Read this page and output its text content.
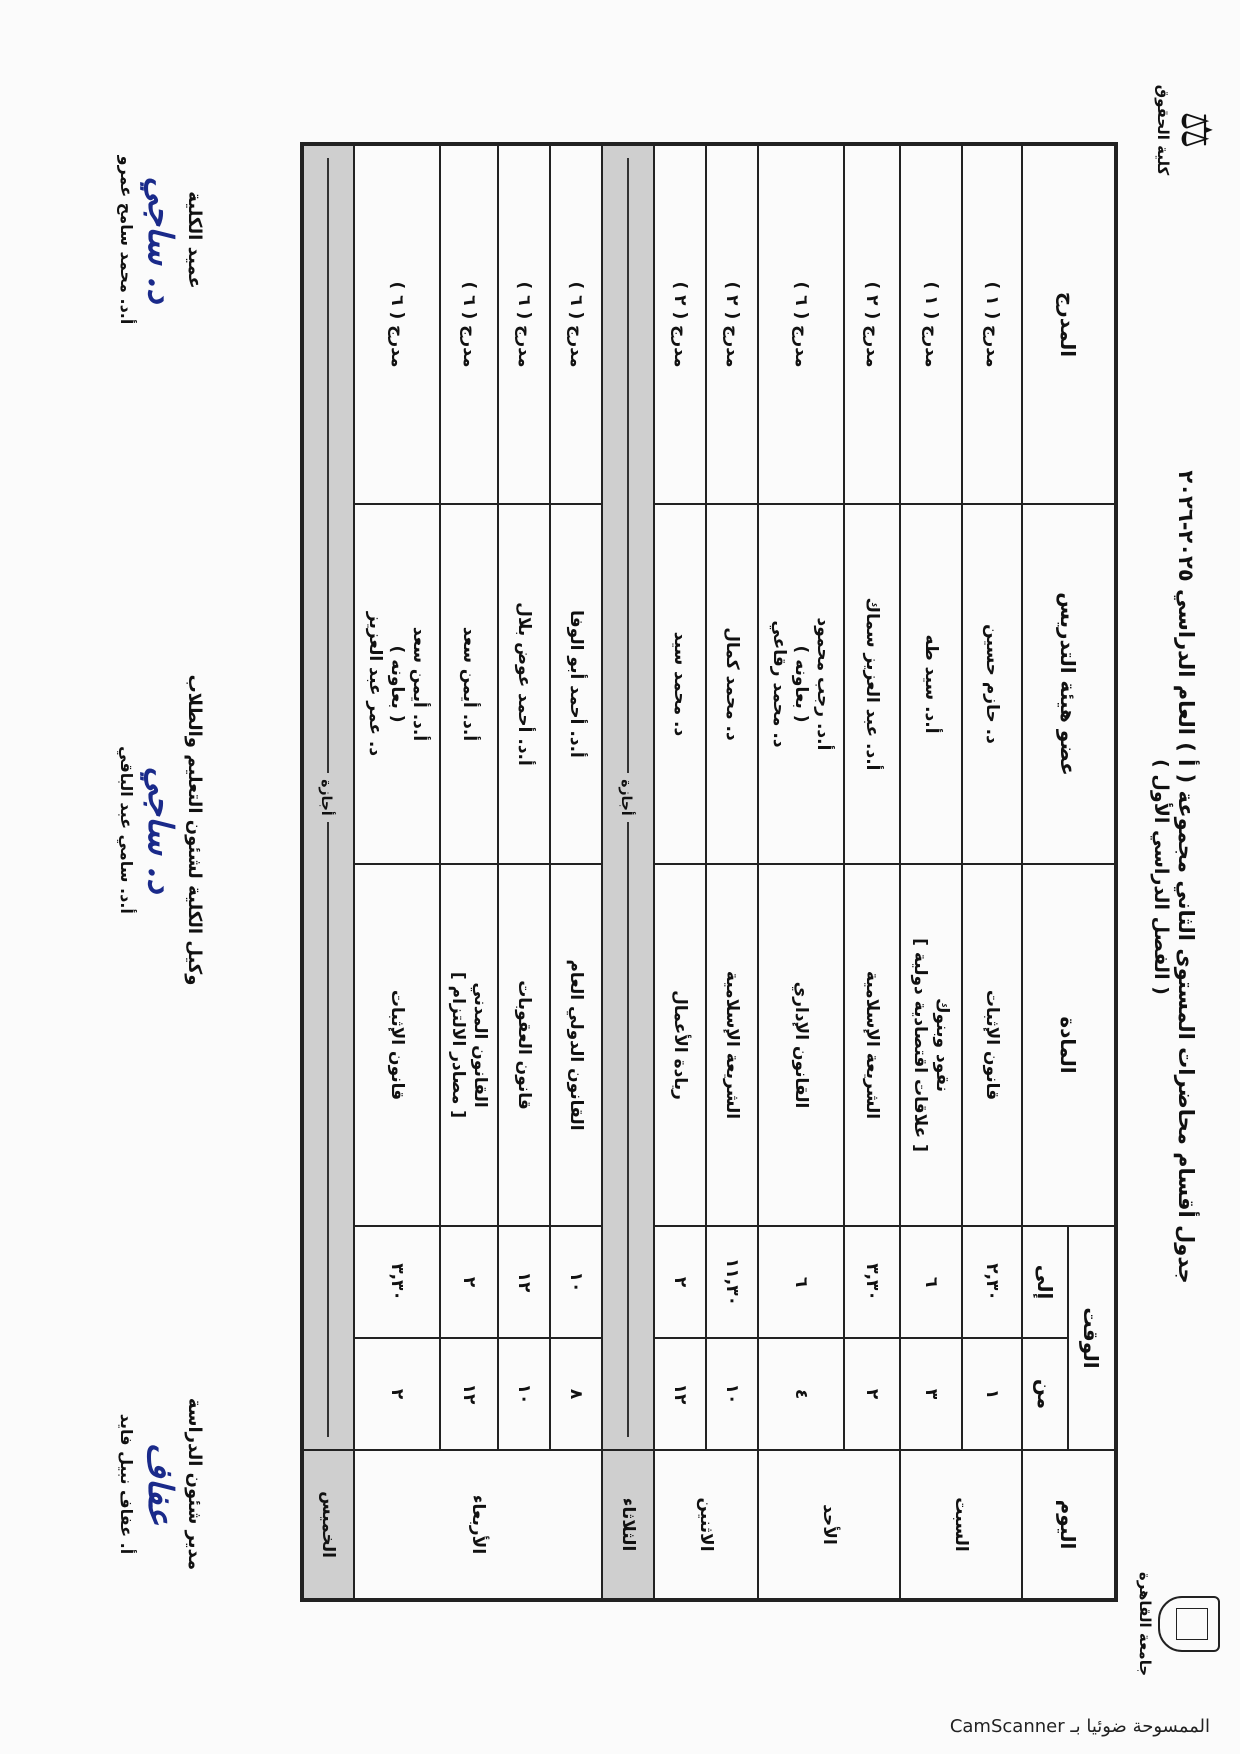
جامعة القاهرة
⚖
كلية الحقوق
جدول أقسام محاضرات المستوى الثاني مجموعة ( أ ) العام الدراسي ٢٠٢٥-٢٠٢٦
( الفصل الدراسي الأول )
اليوم	الوقت		المادة	عضو هيئة التدريس	المدرج
	من	إلى			
السبت	١	٢,٣٠	قانون الإثبات	د. حازم حسين	مدرج ( ١ )
	٣	٦	نقود وبنوك
[ علاقات اقتصادية دولية ]	أ.د. سيد طه	مدرج ( ١ )
الأحد	٢	٣,٣٠	الشريعة الإسلامية	أ.د. عبد العزيز سماك	مدرج ( ٢ )
	٤	٦	القانون الإداري	أ.د. رجب محمود
( بعاونه )
د. محمد رقاعي	مدرج ( ٦ )
الاثنين	١٠	١١,٣٠	الشريعة الإسلامية	د. محمد كمال	مدرج ( ٢ )
	١٢	٢	ريادة الأعمال	د. محمد سيد	مدرج ( ٢ )
الثلاثاء	أجازة				

الأربعاء	٨	١٠	القانون الدولي العام	أ.د. أحمد أبو الوفا	مدرج ( ٦ )
	١٠	١٢	قانون العقوبات	أ.د. أحمد عوض بلال	مدرج ( ٦ )
	١٢	٢	القانون المدني
[ مصادر الالتزام ]	أ.د. أيمن سعد	مدرج ( ٦ )
	٢	٣,٣٠	قانون الإثبات	أ.د. أيمن سعد
( بعاونه )
د. عمر عبد العزيز	مدرج ( ٦ )
الخميس	أجازة				
مدير شئون الدراسة
عفاف
أ. عفاف نبيل فايد
وكيل الكلية لشئون التعليم والطلاب
د. ساجي
أ.د. سامي عبد الباقي
عميد الكلية
د. ساجي
أ.د. محمد سامح عمرو
الممسوحة ضوئيا بـ CamScanner
